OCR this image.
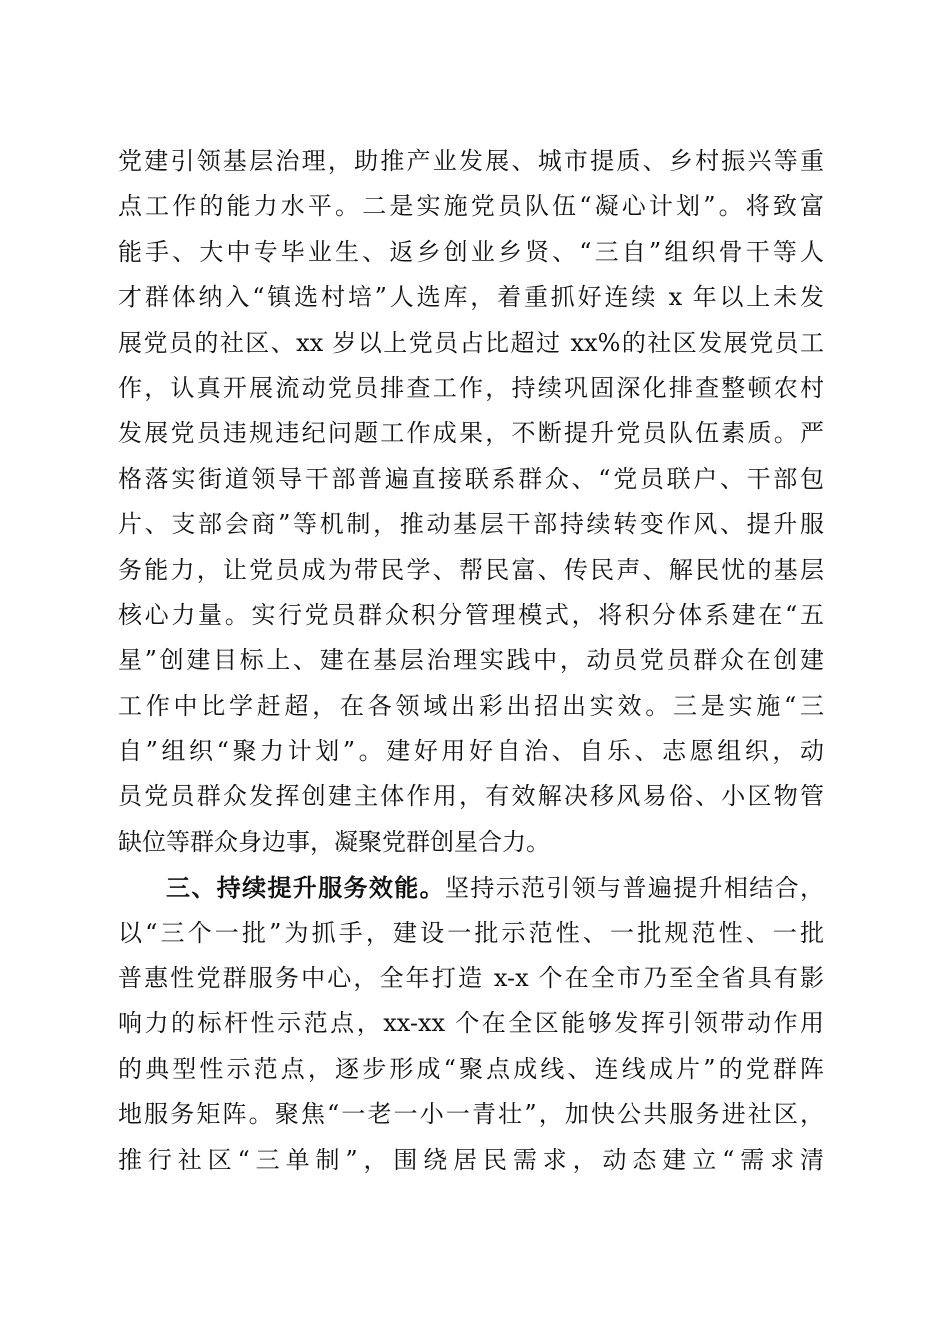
党建引领基层治理，助推产业发展、城市提质、乡村振兴等重
点工作的能力水平。二是实施党员队伍“凝心计划”。将致富
能手、大中专毕业生、返乡创业乡贤、“三自”组织骨干等人
才群体纳入“镇选村培”人选库，着重抓好连续 x 年以上未发
展党员的社区、xx 岁以上党员占比超过 xx%的社区发展党员工
作，认真开展流动党员排查工作，持续巩固深化排查整顿农村
发展党员违规违纪问题工作成果，不断提升党员队伍素质。严
格落实街道领导干部普遍直接联系群众、“党员联户、干部包
片、支部会商”等机制，推动基层干部持续转变作风、提升服
务能力，让党员成为带民学、帮民富、传民声、解民忧的基层
核心力量。实行党员群众积分管理模式，将积分体系建在“五
星”创建目标上、建在基层治理实践中，动员党员群众在创建
工作中比学赶超，在各领域出彩出招出实效。三是实施“三
自”组织“聚力计划”。建好用好自治、自乐、志愿组织，动
员党员群众发挥创建主体作用，有效解决移风易俗、小区物管
缺位等群众身边事，凝聚党群创星合力。
三、持续提升服务效能。坚持示范引领与普遍提升相结合，
以“三个一批”为抓手，建设一批示范性、一批规范性、一批
普惠性党群服务中心，全年打造 x-x 个在全市乃至全省具有影
响力的标杆性示范点，xx-xx 个在全区能够发挥引领带动作用
的典型性示范点，逐步形成“聚点成线、连线成片”的党群阵
地服务矩阵。聚焦“一老一小一青壮”，加快公共服务进社区，
推行社区“三单制”，围绕居民需求，动态建立“需求清
